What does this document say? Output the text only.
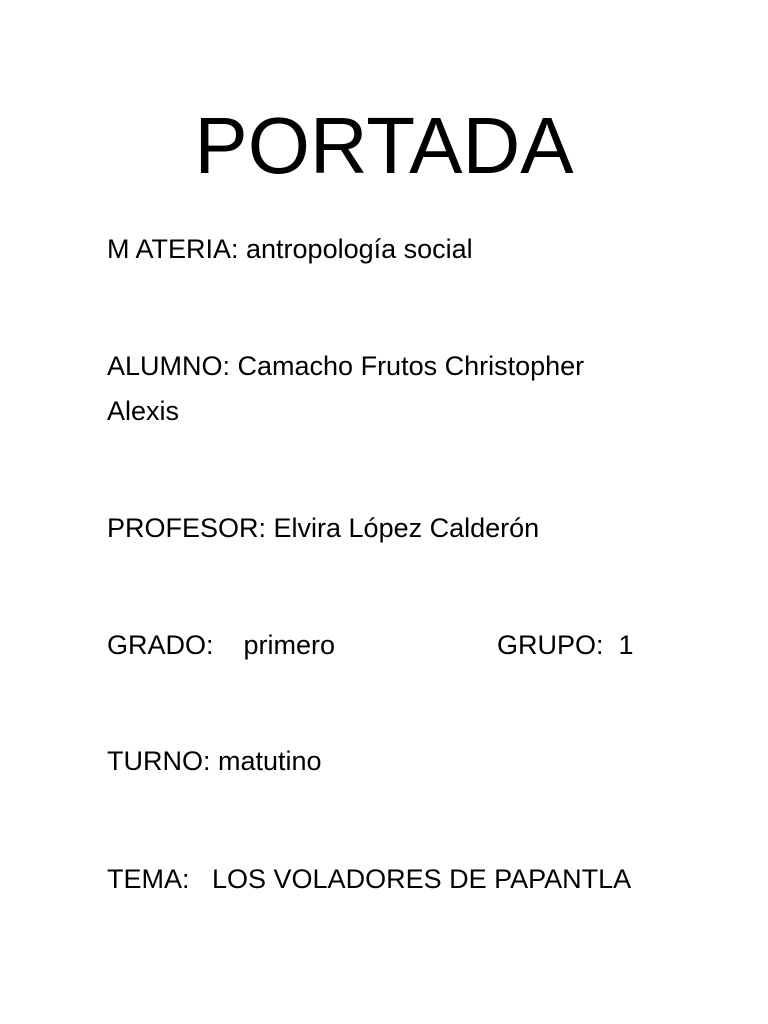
PORTADA

M ATERIA: antropología social

ALUMNO: Camacho Frutos Christopher

Alexis

PROFESOR: Elvira López Calderón

GRADO:    primero	GRUPO:  1

TURNO: matutino

TEMA:   LOS VOLADORES DE PAPANTLA
